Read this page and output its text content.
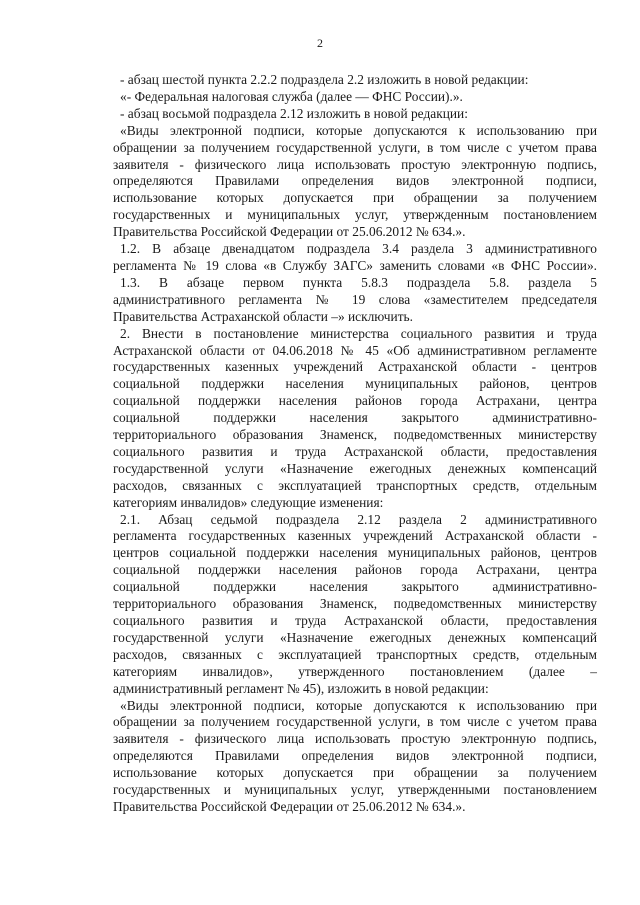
2
- абзац шестой пункта 2.2.2 подраздела 2.2 изложить в новой редакции:
«- Федеральная налоговая служба (далее — ФНС России).».
- абзац восьмой подраздела 2.12 изложить в новой редакции:
«Виды электронной подписи, которые допускаются к использованию при
обращении за получением государственной услуги, в том числе с учетом права
заявителя - физического лица использовать простую электронную подпись,
определяются Правилами определения видов электронной подписи,
использование которых допускается при обращении за получением
государственных и муниципальных услуг, утвержденным постановлением
Правительства Российской Федерации от 25.06.2012 № 634.».
1.2. В абзаце двенадцатом подраздела 3.4 раздела 3 административного
регламента № 19 слова «в Службу ЗАГС» заменить словами «в ФНС России».
1.3. В абзаце первом пункта 5.8.3 подраздела 5.8. раздела 5
административного регламента № 19 слова «заместителем председателя
Правительства Астраханской области –» исключить.
2. Внести в постановление министерства социального развития и труда
Астраханской области от 04.06.2018 № 45 «Об административном регламенте
государственных казенных учреждений Астраханской области - центров
социальной поддержки населения муниципальных районов, центров
социальной поддержки населения районов города Астрахани, центра
социальной поддержки населения закрытого административно-
территориального образования Знаменск, подведомственных министерству
социального развития и труда Астраханской области, предоставления
государственной услуги «Назначение ежегодных денежных компенсаций
расходов, связанных с эксплуатацией транспортных средств, отдельным
категориям инвалидов» следующие изменения:
2.1. Абзац седьмой подраздела 2.12 раздела 2 административного
регламента государственных казенных учреждений Астраханской области -
центров социальной поддержки населения муниципальных районов, центров
социальной поддержки населения районов города Астрахани, центра
социальной поддержки населения закрытого административно-
территориального образования Знаменск, подведомственных министерству
социального развития и труда Астраханской области, предоставления
государственной услуги «Назначение ежегодных денежных компенсаций
расходов, связанных с эксплуатацией транспортных средств, отдельным
категориям инвалидов», утвержденного постановлением (далее –
административный регламент № 45), изложить в новой редакции:
«Виды электронной подписи, которые допускаются к использованию при
обращении за получением государственной услуги, в том числе с учетом права
заявителя - физического лица использовать простую электронную подпись,
определяются Правилами определения видов электронной подписи,
использование которых допускается при обращении за получением
государственных и муниципальных услуг, утвержденными постановлением
Правительства Российской Федерации от 25.06.2012 № 634.».
